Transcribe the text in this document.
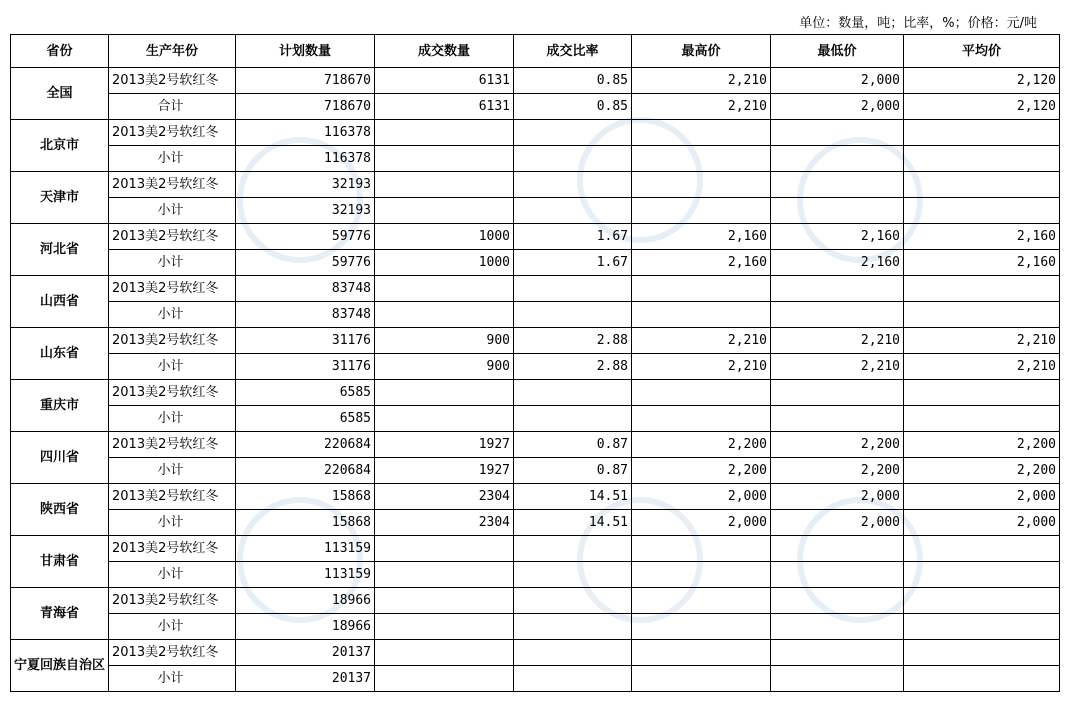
单位：数量，吨；比率，%；价格：元/吨
省份	生产年份	计划数量	成交数量	成交比率	最高价	最低价	平均价
全国	2013美2号软红冬	718670	6131	0.85	2,210	2,000	2,120
	合计	718670	6131	0.85	2,210	2,000	2,120
北京市	2013美2号软红冬	116378					
	小计	116378					
天津市	2013美2号软红冬	32193					
	小计	32193					
河北省	2013美2号软红冬	59776	1000	1.67	2,160	2,160	2,160
	小计	59776	1000	1.67	2,160	2,160	2,160
山西省	2013美2号软红冬	83748					
	小计	83748					
山东省	2013美2号软红冬	31176	900	2.88	2,210	2,210	2,210
	小计	31176	900	2.88	2,210	2,210	2,210
重庆市	2013美2号软红冬	6585					
	小计	6585					
四川省	2013美2号软红冬	220684	1927	0.87	2,200	2,200	2,200
	小计	220684	1927	0.87	2,200	2,200	2,200
陕西省	2013美2号软红冬	15868	2304	14.51	2,000	2,000	2,000
	小计	15868	2304	14.51	2,000	2,000	2,000
甘肃省	2013美2号软红冬	113159					
	小计	113159					
青海省	2013美2号软红冬	18966					
	小计	18966					
宁夏回族自治区	2013美2号软红冬	20137					
	小计	20137					
